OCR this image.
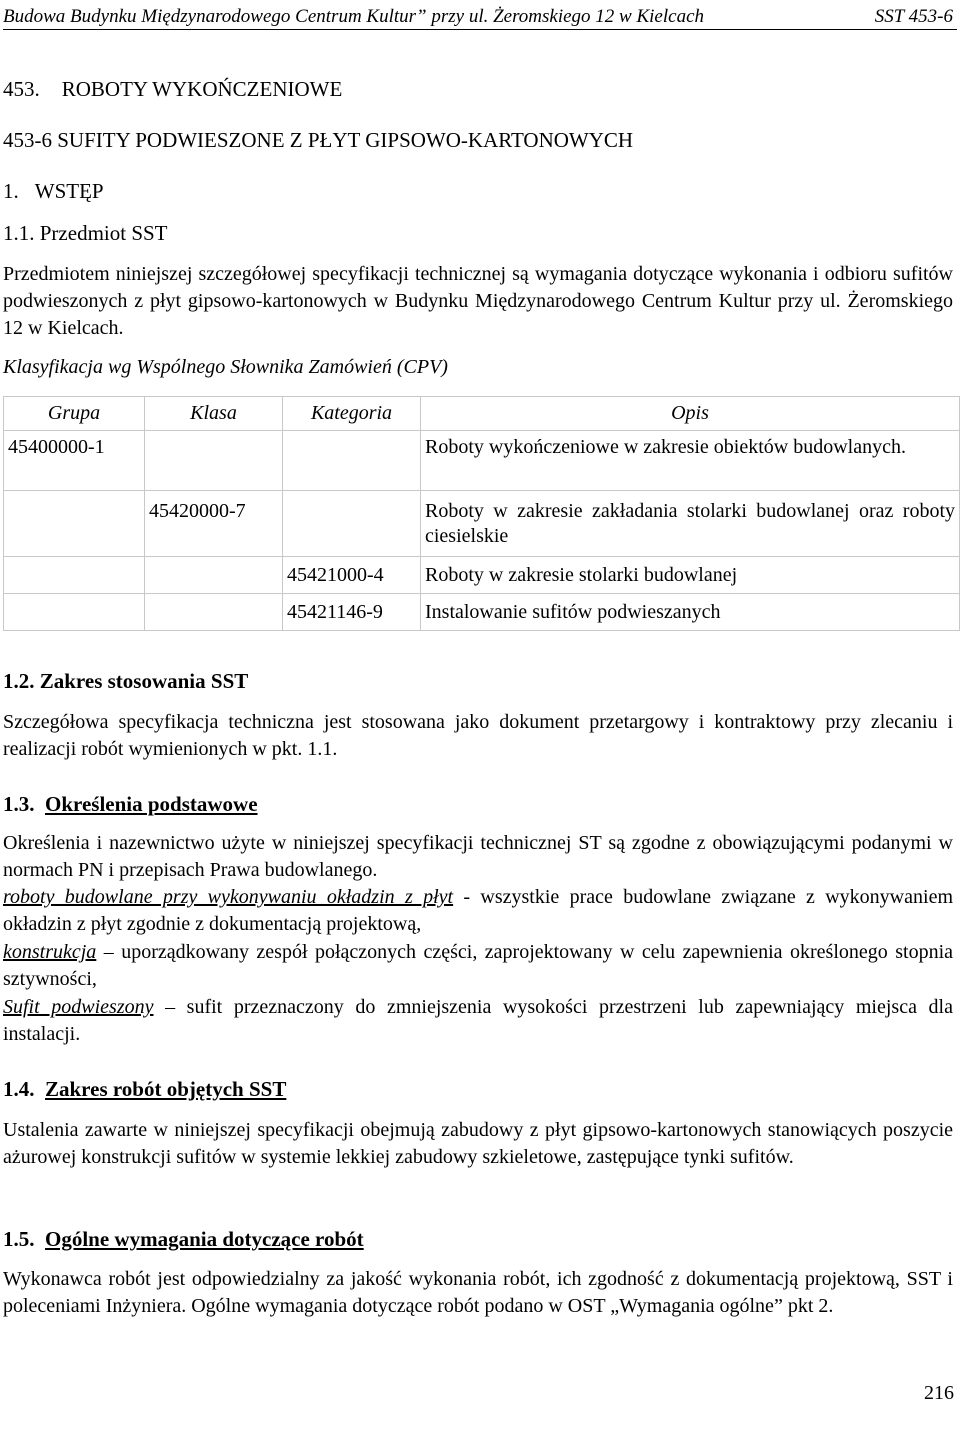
Budowa Budynku Międzynarodowego Centrum Kultur” przy ul. Żeromskiego 12 w Kielcach	SST 453-6
453. ROBOTY WYKOŃCZENIOWE
453-6 SUFITY PODWIESZONE Z PŁYT GIPSOWO-KARTONOWYCH
1. WSTĘP
1.1. Przedmiot SST
Przedmiotem niniejszej szczegółowej specyfikacji technicznej są wymagania dotyczące wykonania i odbioru sufitów podwieszonych z płyt gipsowo-kartonowych w Budynku Międzynarodowego Centrum Kultur przy ul. Żeromskiego 12 w Kielcach.
Klasyfikacja wg Wspólnego Słownika Zamówień (CPV)
Grupa	Klasa	Kategoria	Opis
45400000-1			Roboty wykończeniowe w zakresie obiektów budowlanych.
	45420000-7		Roboty w zakresie zakładania stolarki budowlanej oraz roboty ciesielskie
		45421000-4	Roboty w zakresie stolarki budowlanej
		45421146-9	Instalowanie sufitów podwieszanych
1.2. Zakres stosowania SST
Szczegółowa specyfikacja techniczna jest stosowana jako dokument przetargowy i kontraktowy przy zlecaniu i realizacji robót wymienionych w pkt. 1.1.
1.3. Określenia podstawowe
Określenia i nazewnictwo użyte w niniejszej specyfikacji technicznej ST są zgodne z obowiązującymi podanymi w normach PN i przepisach Prawa budowlanego.
roboty budowlane przy wykonywaniu okładzin z płyt - wszystkie prace budowlane związane z wykonywaniem okładzin z płyt zgodnie z dokumentacją projektową,
konstrukcja – uporządkowany zespół połączonych części, zaprojektowany w celu zapewnienia określonego stopnia sztywności,
Sufit podwieszony – sufit przeznaczony do zmniejszenia wysokości przestrzeni lub zapewniający miejsca dla instalacji.
1.4. Zakres robót objętych SST
Ustalenia zawarte w niniejszej specyfikacji obejmują zabudowy z płyt gipsowo-kartonowych stanowiących poszycie ażurowej konstrukcji sufitów w systemie lekkiej zabudowy szkieletowe, zastępujące tynki sufitów.
1.5. Ogólne wymagania dotyczące robót
Wykonawca robót jest odpowiedzialny za jakość wykonania robót, ich zgodność z dokumentacją projektową, SST i poleceniami Inżyniera. Ogólne wymagania dotyczące robót podano w OST „Wymagania ogólne” pkt 2.
216
